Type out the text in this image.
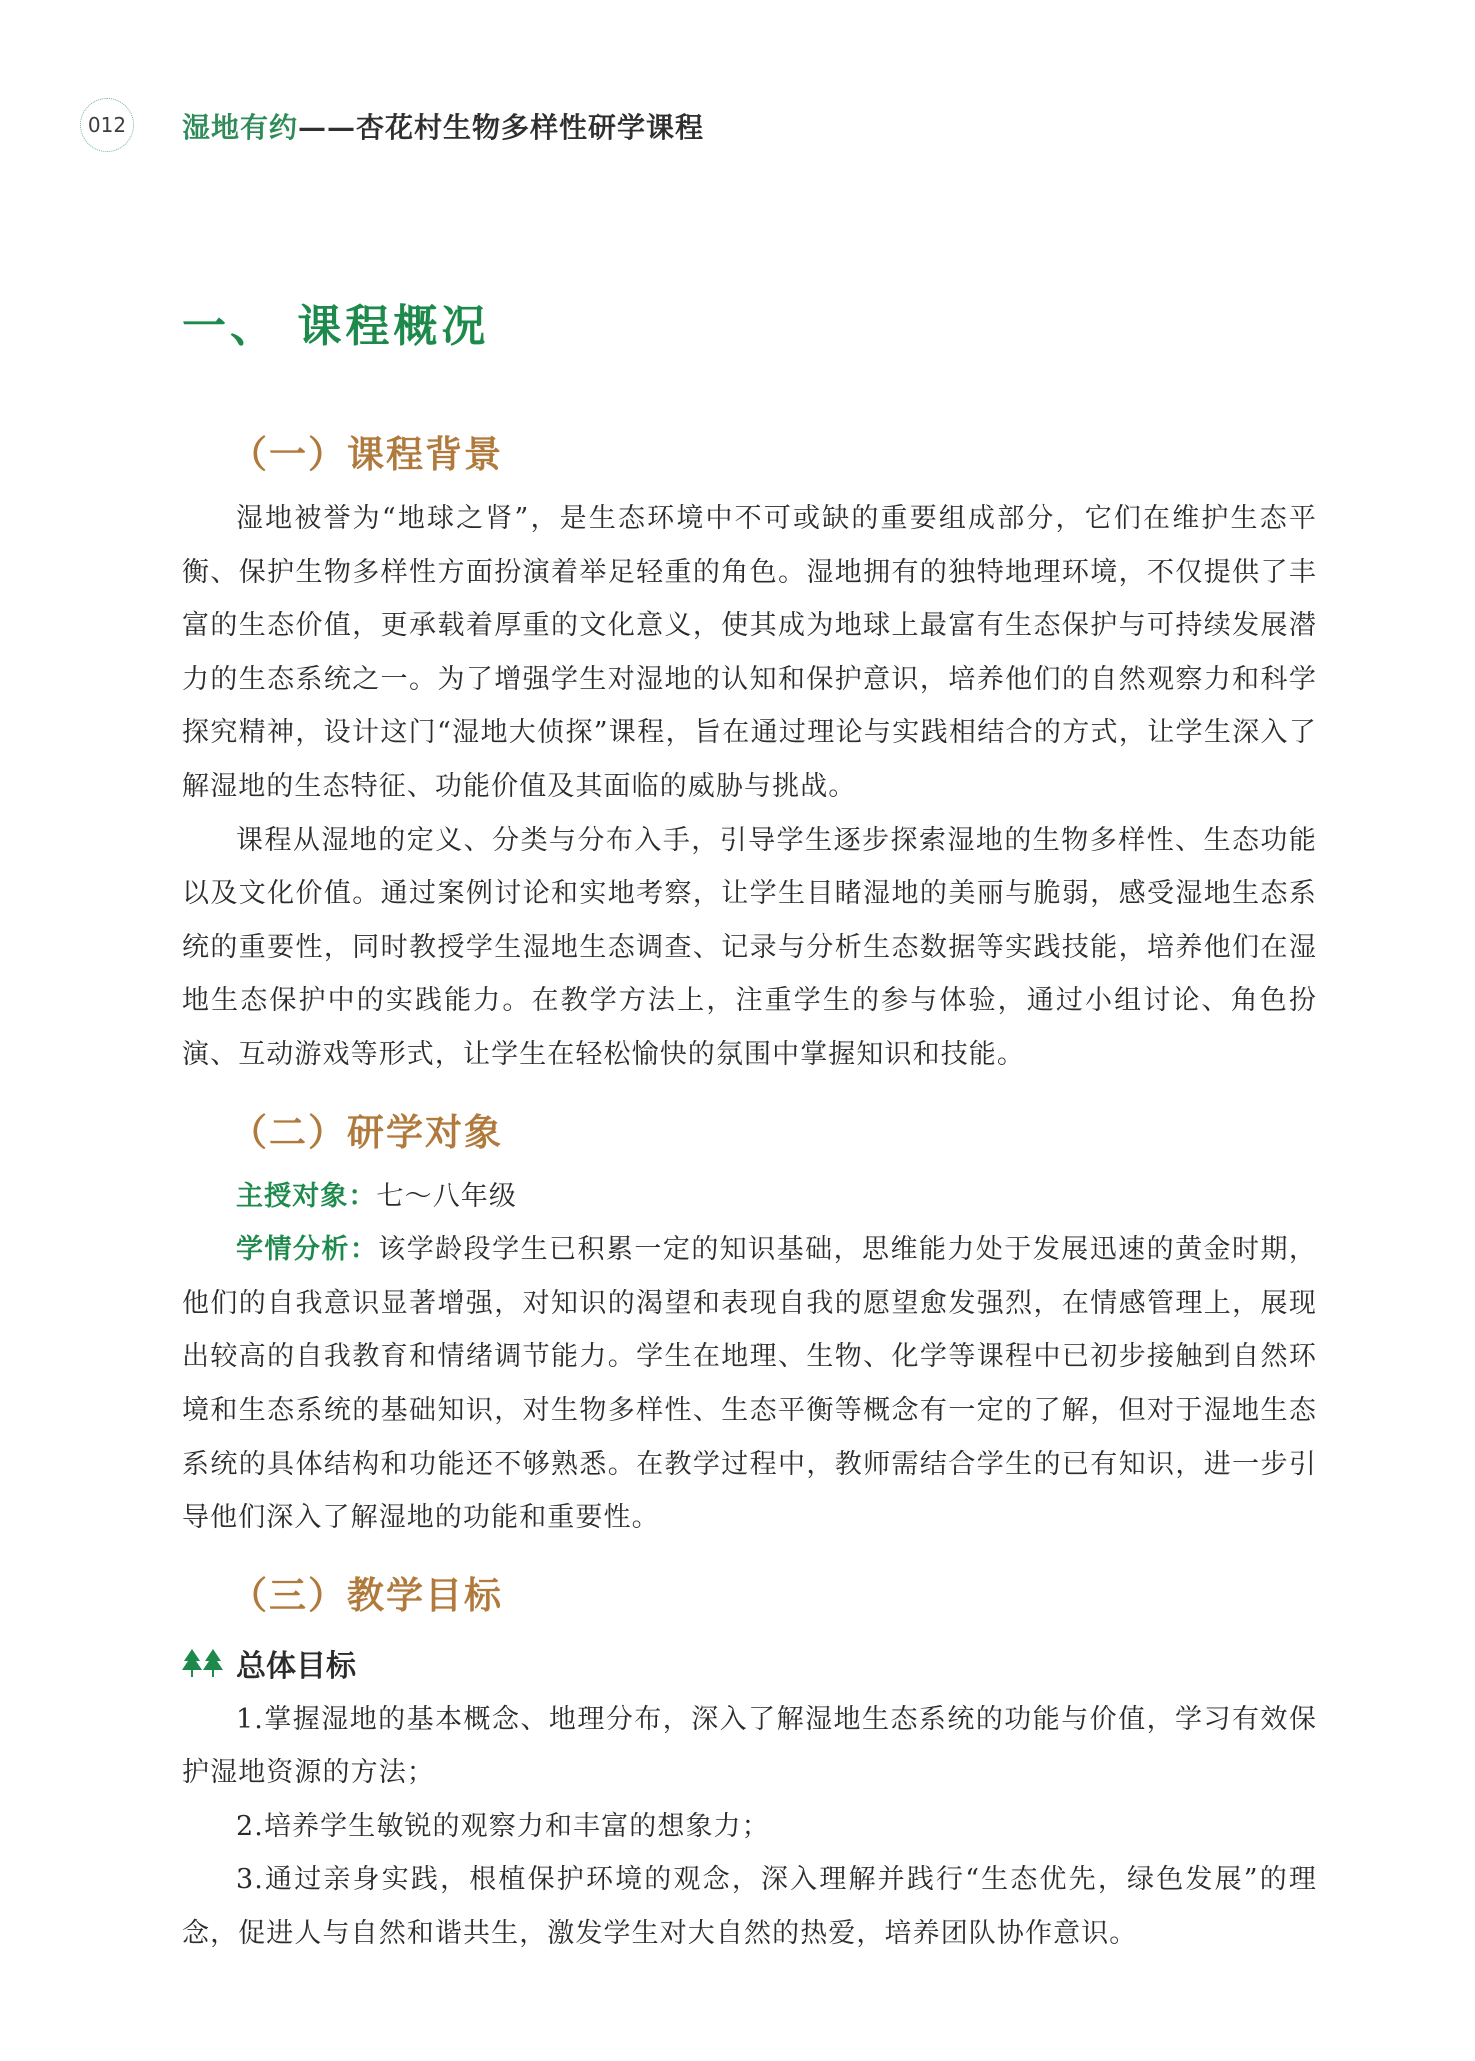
012 湿地有约——杏花村生物多样性研学课程
一、 课程概况
（一）课程背景

湿地被誉为“地球之肾”，是生态环境中不可或缺的重要组成部分，它们在维护生态平衡、保护生物多样性方面扮演着举足轻重的角色。湿地拥有的独特地理环境，不仅提供了丰富的生态价值，更承载着厚重的文化意义，使其成为地球上最富有生态保护与可持续发展潜力的生态系统之一。为了增强学生对湿地的认知和保护意识，培养他们的自然观察力和科学探究精神，设计这门“湿地大侦探”课程，旨在通过理论与实践相结合的方式，让学生深入了解湿地的生态特征、功能价值及其面临的威胁与挑战。

课程从湿地的定义、分类与分布入手，引导学生逐步探索湿地的生物多样性、生态功能以及文化价值。通过案例讨论和实地考察，让学生目睹湿地的美丽与脆弱，感受湿地生态系统的重要性，同时教授学生湿地生态调查、记录与分析生态数据等实践技能，培养他们在湿地生态保护中的实践能力。在教学方法上，注重学生的参与体验，通过小组讨论、角色扮演、互动游戏等形式，让学生在轻松愉快的氛围中掌握知识和技能。

（二）研学对象

主授对象：七～八年级

学情分析：该学龄段学生已积累一定的知识基础，思维能力处于发展迅速的黄金时期，他们的自我意识显著增强，对知识的渴望和表现自我的愿望愈发强烈，在情感管理上，展现出较高的自我教育和情绪调节能力。学生在地理、生物、化学等课程中已初步接触到自然环境和生态系统的基础知识，对生物多样性、生态平衡等概念有一定的了解，但对于湿地生态系统的具体结构和功能还不够熟悉。在教学过程中，教师需结合学生的已有知识，进一步引导他们深入了解湿地的功能和重要性。

（三）教学目标
总体目标

1.掌握湿地的基本概念、地理分布，深入了解湿地生态系统的功能与价值，学习有效保护湿地资源的方法；

2.培养学生敏锐的观察力和丰富的想象力；

3.通过亲身实践，根植保护环境的观念，深入理解并践行“生态优先，绿色发展”的理念，促进人与自然和谐共生，激发学生对大自然的热爱，培养团队协作意识。
